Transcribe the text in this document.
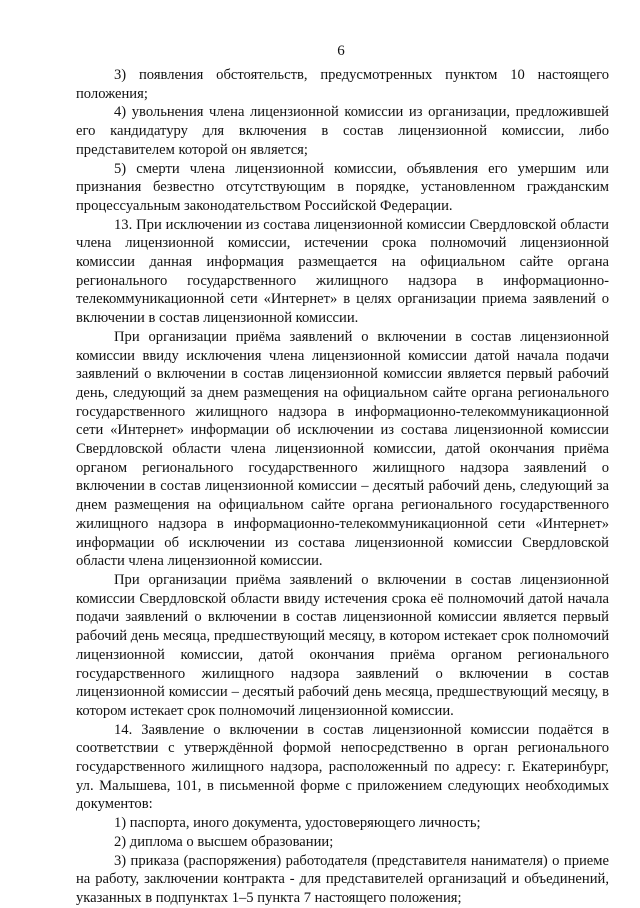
6

3) появления обстоятельств, предусмотренных пунктом 10 настоящего положения;

4) увольнения члена лицензионной комиссии из организации, предложившей его кандидатуру для включения в состав лицензионной комиссии, либо представителем которой он является;

5) смерти члена лицензионной комиссии, объявления его умершим или признания безвестно отсутствующим в порядке, установленном гражданским процессуальным законодательством Российской Федерации.

13. При исключении из состава лицензионной комиссии Свердловской области члена лицензионной комиссии, истечении срока полномочий лицензионной комиссии данная информация размещается на официальном сайте органа регионального государственного жилищного надзора в информационно-телекоммуникационной сети «Интернет» в целях организации приема заявлений о включении в состав лицензионной комиссии.

При организации приёма заявлений о включении в состав лицензионной комиссии ввиду исключения члена лицензионной комиссии датой начала подачи заявлений о включении в состав лицензионной комиссии является первый рабочий день, следующий за днем размещения на официальном сайте органа регионального государственного жилищного надзора в информационно-телекоммуникационной сети «Интернет» информации об исключении из состава лицензионной комиссии Свердловской области члена лицензионной комиссии, датой окончания приёма органом регионального государственного жилищного надзора заявлений о включении в состав лицензионной комиссии – десятый рабочий день, следующий за днем размещения на официальном сайте органа регионального государственного жилищного надзора в информационно-телекоммуникационной сети «Интернет» информации об исключении из состава лицензионной комиссии Свердловской области члена лицензионной комиссии.

При организации приёма заявлений о включении в состав лицензионной комиссии Свердловской области ввиду истечения срока её полномочий датой начала подачи заявлений о включении в состав лицензионной комиссии является первый рабочий день месяца, предшествующий месяцу, в котором истекает срок полномочий лицензионной комиссии, датой окончания приёма органом регионального государственного жилищного надзора заявлений о включении в состав лицензионной комиссии – десятый рабочий день месяца, предшествующий месяцу, в котором истекает срок полномочий лицензионной комиссии.

14. Заявление о включении в состав лицензионной комиссии подаётся в соответствии с утверждённой формой непосредственно в орган регионального государственного жилищного надзора, расположенный по адресу: г. Екатеринбург, ул. Малышева, 101, в письменной форме с приложением следующих необходимых документов:

1) паспорта, иного документа, удостоверяющего личность;

2) диплома о высшем образовании;

3) приказа (распоряжения) работодателя (представителя нанимателя) о приеме на работу, заключении контракта - для представителей организаций и объединений, указанных в подпунктах 1–5 пункта 7 настоящего положения;
